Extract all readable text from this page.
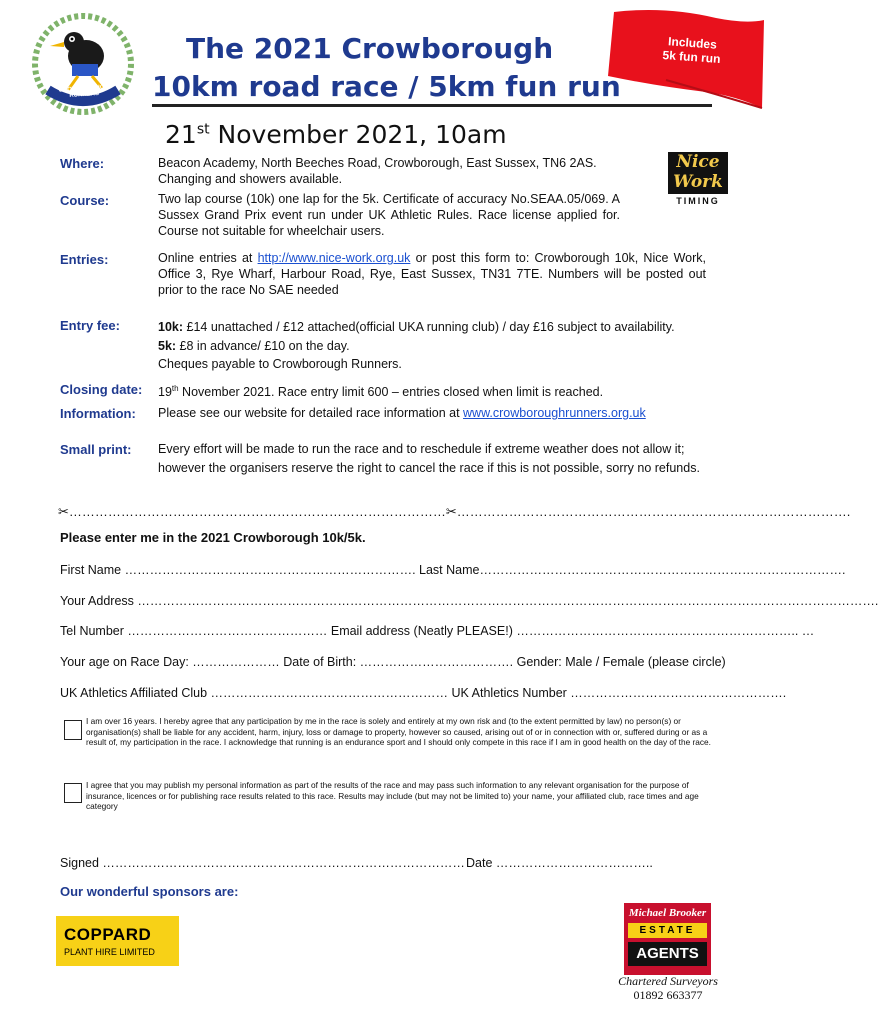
CROWBOROUGH RUNNERS
Includes
5k fun run
The 2021 Crowborough
10km road race / 5km fun run
21st November 2021, 10am
Nice
Work
TIMING
Where:	Beacon Academy, North Beeches Road, Crowborough, East Sussex, TN6 2AS.
Changing and showers available.
Course:	Two lap course (10k) one lap for the 5k. Certificate of accuracy No.SEAA.05/069. A Sussex Grand Prix event run under UK Athletic Rules. Race license applied for. Course not suitable for wheelchair users.
Entries:	Online entries at http://www.nice-work.org.uk or post this form to: Crowborough 10k, Nice Work, Office 3, Rye Wharf, Harbour Road, Rye, East Sussex, TN31 7TE. Numbers will be posted out prior to the race No SAE needed
Entry fee:	10k: £14 unattached / £12 attached(official UKA running club) / day £16 subject to availability.
5k: £8 in advance/ £10 on the day.
Cheques payable to Crowborough Runners.
Closing date: 19th November 2021. Race entry limit 600 – entries closed when limit is reached.
Information: Please see our website for detailed race information at www.crowboroughrunners.org.uk
Small print: Every effort will be made to run the race and to reschedule if extreme weather does not allow it; however the organisers reserve the right to cancel the race if this is not possible, sorry no refunds.
✂……………………………………………………………………………✂……………………………………………………………………………….
Please enter me in the 2021 Crowborough 10k/5k.
First Name ……………………………………………………………. Last Name…………………………………………………………………………….
Your Address …………………………………………………………………………………………………………………………………………………………….
Tel Number ………………………………………… Email address (Neatly PLEASE!) ………………………………………………………….. …
Your age on Race Day: ………………… Date of Birth: ………………………………. Gender: Male / Female (please circle)
UK Athletics Affiliated Club ………………………………………………… UK Athletics Number …………………………………………….
I am over 16 years. I hereby agree that any participation by me in the race is solely and entirely at my own risk and (to the extent permitted by law) no person(s) or organisation(s) shall be liable for any accident, harm, injury, loss or damage to property, however so caused, arising out of or in connection with or, suffered during or as a result of, my participation in the race. I acknowledge that running is an endurance sport and I should only compete in this race if I am in good health on the day of the race.
I agree that you may publish my personal information as part of the results of the race and may pass such information to any relevant organisation for the purpose of insurance, licences or for publishing race results related to this race. Results may include (but may not be limited to) your name, your affiliated club, race times and age category
Signed …………………………………………………………………………… Date ………………………………..
Our wonderful sponsors are:
COPPARD
PLANT HIRE LIMITED
Michael Brooker
ESTATE
AGENTS
Chartered Surveyors
01892 663377
